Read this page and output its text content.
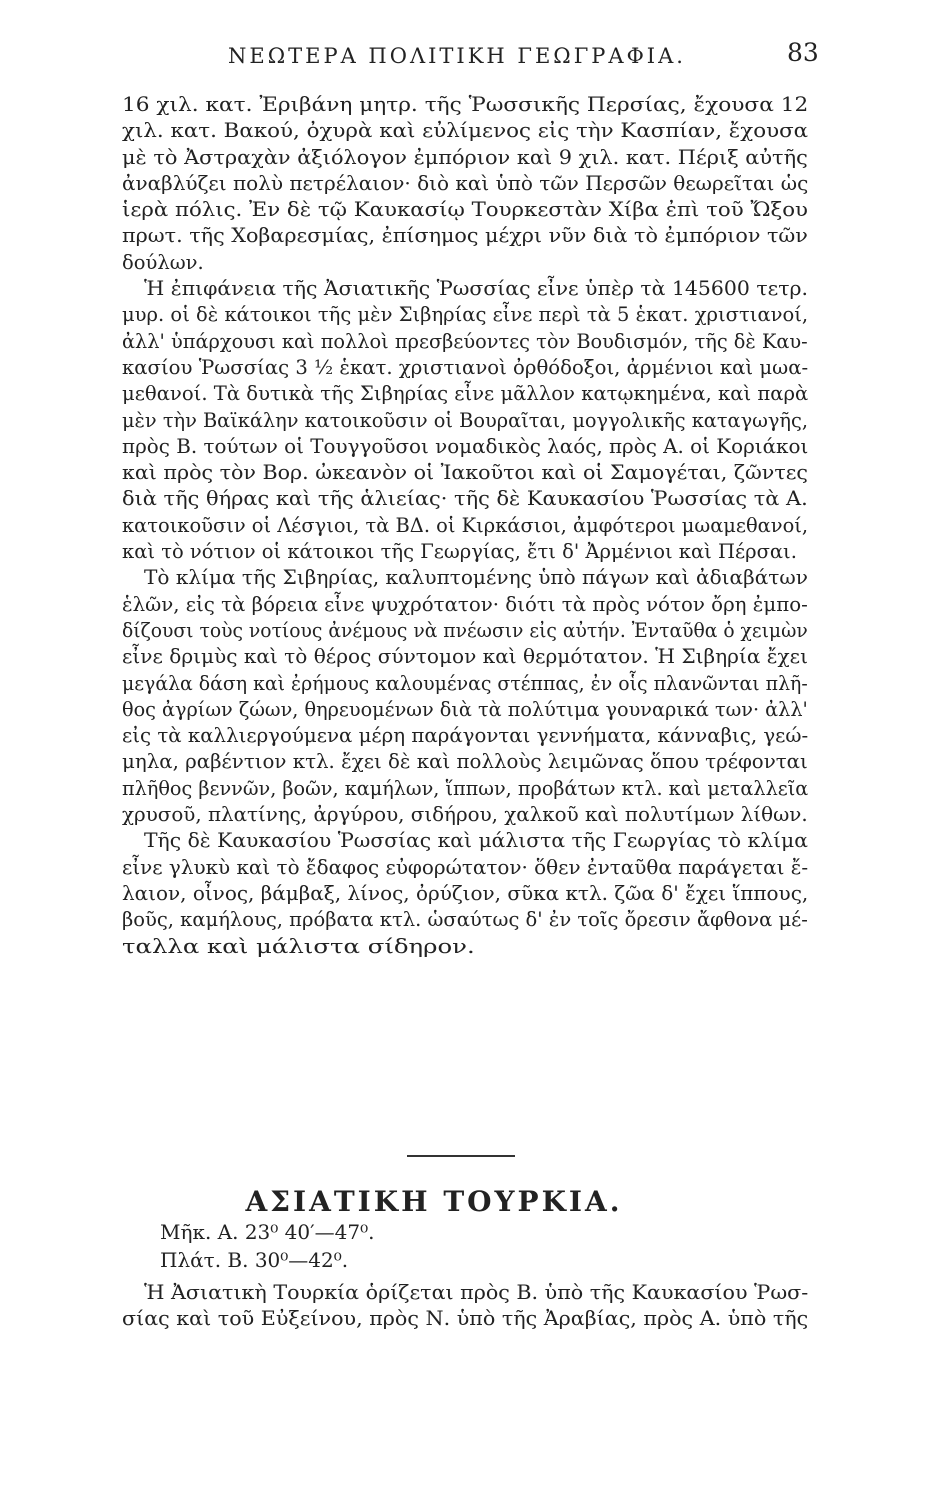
ΝΕΩΤΕΡΑ ΠΟΛΙΤΙΚΗ ΓΕΩΓΡΑΦΙΑ.	83
16 χιλ. κατ. Ἐριβάνη μητρ. τῆς Ῥωσσικῆς Περσίας, ἔχουσα 12
χιλ. κατ. Βακού, ὀχυρὰ καὶ εὐλίμενος εἰς τὴν Κασπίαν, ἔχουσα
μὲ τὸ Ἀστραχὰν ἀξιόλογον ἐμπόριον καὶ 9 χιλ. κατ. Πέριξ αὐτῆς
ἀναβλύζει πολὺ πετρέλαιον· διὸ καὶ ὑπὸ τῶν Περσῶν θεωρεῖται ὡς
ἱερὰ πόλις. Ἐν δὲ τῷ Καυκασίῳ Τουρκεστὰν Χίβα ἐπὶ τοῦ Ὤξου
πρωτ. τῆς Χοβαρεσμίας, ἐπίσημος μέχρι νῦν διὰ τὸ ἐμπόριον τῶν
δούλων.
Ἡ ἐπιφάνεια τῆς Ἀσιατικῆς Ῥωσσίας εἶνε ὑπὲρ τὰ 145600 τετρ.
μυρ. οἱ δὲ κάτοικοι τῆς μὲν Σιβηρίας εἶνε περὶ τὰ 5 ἑκατ. χριστιανοί,
ἀλλ' ὑπάρχουσι καὶ πολλοὶ πρεσβεύοντες τὸν Βουδισμόν, τῆς δὲ Καυ-
κασίου Ῥωσσίας 3 ½ ἑκατ. χριστιανοὶ ὀρθόδοξοι, ἀρμένιοι καὶ μωα-
μεθανοί. Τὰ δυτικὰ τῆς Σιβηρίας εἶνε μᾶλλον κατῳκημένα, καὶ παρὰ
μὲν τὴν Βαϊκάλην κατοικοῦσιν οἱ Βουραῖται, μογγολικῆς καταγωγῆς,
πρὸς Β. τούτων οἱ Τουγγοῦσοι νομαδικὸς λαός, πρὸς Α. οἱ Κοριάκοι
καὶ πρὸς τὸν Βορ. ὠκεανὸν οἱ Ἰακοῦτοι καὶ οἱ Σαμογέται, ζῶντες
διὰ τῆς θήρας καὶ τῆς ἁλιείας· τῆς δὲ Καυκασίου Ῥωσσίας τὰ Α.
κατοικοῦσιν οἱ Λέσγιοι, τὰ ΒΔ. οἱ Κιρκάσιοι, ἀμφότεροι μωαμεθανοί,
καὶ τὸ νότιον οἱ κάτοικοι τῆς Γεωργίας, ἔτι δ' Ἀρμένιοι καὶ Πέρσαι.
Τὸ κλίμα τῆς Σιβηρίας, καλυπτομένης ὑπὸ πάγων καὶ ἀδιαβάτων
ἑλῶν, εἰς τὰ βόρεια εἶνε ψυχρότατον· διότι τὰ πρὸς νότον ὄρη ἐμπο-
δίζουσι τοὺς νοτίους ἀνέμους νὰ πνέωσιν εἰς αὐτήν. Ἐνταῦθα ὁ χειμὼν
εἶνε δριμὺς καὶ τὸ θέρος σύντομον καὶ θερμότατον. Ἡ Σιβηρία ἔχει
μεγάλα δάση καὶ ἐρήμους καλουμένας στέππας, ἐν οἷς πλανῶνται πλῆ-
θος ἀγρίων ζώων, θηρευομένων διὰ τὰ πολύτιμα γουναρικά των· ἀλλ'
εἰς τὰ καλλιεργούμενα μέρη παράγονται γεννήματα, κάνναβις, γεώ-
μηλα, ραβέντιον κτλ. ἔχει δὲ καὶ πολλοὺς λειμῶνας ὅπου τρέφονται
πλῆθος βεννῶν, βοῶν, καμήλων, ἵππων, προβάτων κτλ. καὶ μεταλλεῖα
χρυσοῦ, πλατίνης, ἀργύρου, σιδήρου, χαλκοῦ καὶ πολυτίμων λίθων.
Τῆς δὲ Καυκασίου Ῥωσσίας καὶ μάλιστα τῆς Γεωργίας τὸ κλίμα
εἶνε γλυκὺ καὶ τὸ ἔδαφος εὐφορώτατον· ὅθεν ἐνταῦθα παράγεται ἔ-
λαιον, οἶνος, βάμβαξ, λίνος, ὀρύζιον, σῦκα κτλ. ζῶα δ' ἔχει ἵππους,
βοῦς, καμήλους, πρόβατα κτλ. ὡσαύτως δ' ἐν τοῖς ὄρεσιν ἄφθονα μέ-
ταλλα καὶ μάλιστα σίδηρον.
ΑΣΙΑΤΙΚΗ ΤΟΥΡΚΙΑ.
Μῆκ. Α. 23⁰ 40′—47⁰.
Πλάτ. Β. 30⁰—42⁰.
Ἡ Ἀσιατικὴ Τουρκία ὁρίζεται πρὸς Β. ὑπὸ τῆς Καυκασίου Ῥωσ-
σίας καὶ τοῦ Εὐξείνου, πρὸς Ν. ὑπὸ τῆς Ἀραβίας, πρὸς Α. ὑπὸ τῆς
